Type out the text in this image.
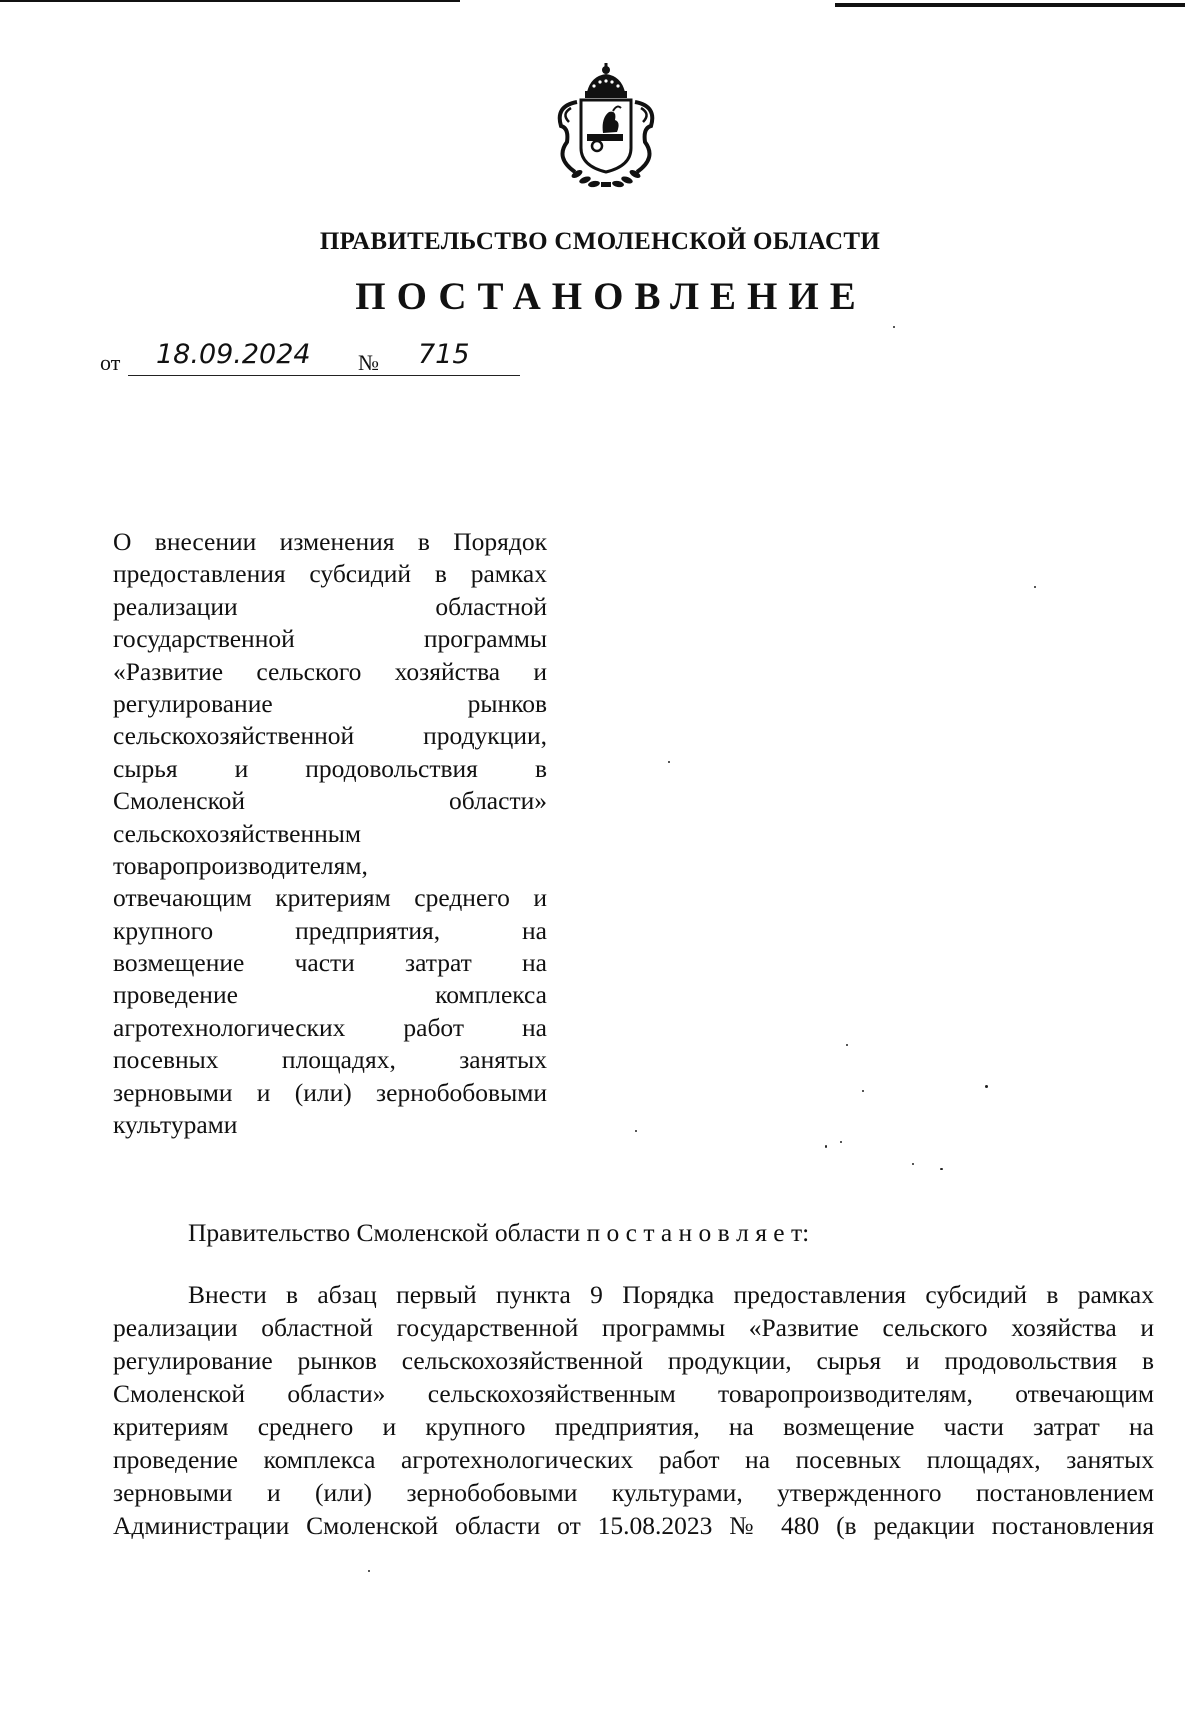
ПРАВИТЕЛЬСТВО СМОЛЕНСКОЙ ОБЛАСТИ
ПОСТАНОВЛЕНИЕ
от	18.09.2024	№	715
О внесении изменения в Порядок
предоставления субсидий в рамках
реализации областной
государственной программы
«Развитие сельского хозяйства и
регулирование рынков
сельскохозяйственной продукции,
сырья и продовольствия в
Смоленской области»
сельскохозяйственным
товаропроизводителям,
отвечающим критериям среднего и
крупного предприятия, на
возмещение части затрат на
проведение комплекса
агротехнологических работ на
посевных площадях, занятых
зерновыми и (или) зернобобовыми
культурами
Правительство Смоленской области п о с т а н о в л я е т:
Внести в абзац первый пункта 9 Порядка предоставления субсидий в рамках
реализации областной государственной программы «Развитие сельского хозяйства и
регулирование рынков сельскохозяйственной продукции, сырья и продовольствия в
Смоленской области» сельскохозяйственным товаропроизводителям, отвечающим
критериям среднего и крупного предприятия, на возмещение части затрат на
проведение комплекса агротехнологических работ на посевных площадях, занятых
зерновыми и (или) зернобобовыми культурами, утвержденного постановлением
Администрации Смоленской области от 15.08.2023 № 480 (в редакции постановления
